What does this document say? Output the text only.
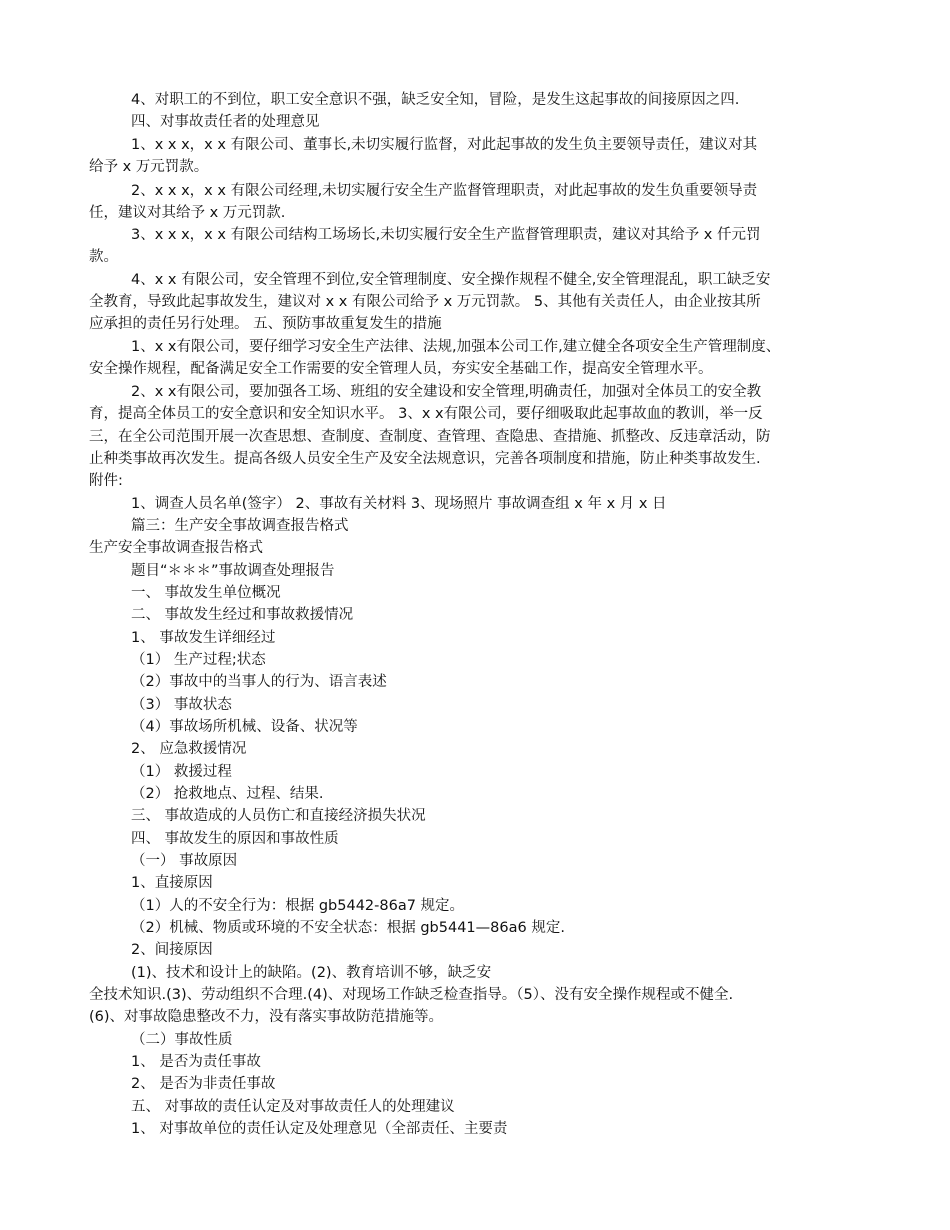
4、对职工的不到位，职工安全意识不强，缺乏安全知，冒险，是发生这起事故的间接原因之四.
四、对事故责任者的处理意见
1、x x x，x x 有限公司、董事长,未切实履行监督，对此起事故的发生负主要领导责任，建议对其
给予 x 万元罚款。
2、x x x，x x 有限公司经理,未切实履行安全生产监督管理职责，对此起事故的发生负重要领导责
任，建议对其给予 x 万元罚款.
3、x x x，x x 有限公司结构工场场长,未切实履行安全生产监督管理职责，建议对其给予 x 仟元罚
款。
4、x x 有限公司，安全管理不到位,安全管理制度、安全操作规程不健全,安全管理混乱，职工缺乏安
全教育，导致此起事故发生，建议对 x x 有限公司给予 x 万元罚款。 5、其他有关责任人，由企业按其所
应承担的责任另行处理。 五、预防事故重复发生的措施
1、x x有限公司，要仔细学习安全生产法律、法规,加强本公司工作,建立健全各项安全生产管理制度、
安全操作规程，配备满足安全工作需要的安全管理人员，夯实安全基础工作，提高安全管理水平。
2、x x有限公司，要加强各工场、班组的安全建设和安全管理,明确责任，加强对全体员工的安全教
育，提高全体员工的安全意识和安全知识水平。 3、x x有限公司，要仔细吸取此起事故血的教训，举一反
三，在全公司范围开展一次查思想、查制度、查制度、查管理、查隐患、查措施、抓整改、反违章活动，防
止种类事故再次发生。提高各级人员安全生产及安全法规意识，完善各项制度和措施，防止种类事故发生.
附件:
1、调查人员名单(签字） 2、事故有关材料 3、现场照片 事故调查组 x 年 x 月 x 日
篇三：生产安全事故调查报告格式
生产安全事故调查报告格式
题目“＊＊＊”事故调查处理报告
一、 事故发生单位概况
二、 事故发生经过和事故救援情况
1、 事故发生详细经过
（1） 生产过程;状态
（2）事故中的当事人的行为、语言表述
（3） 事故状态
（4）事故场所机械、设备、状况等
2、 应急救援情况
（1） 救援过程
（2） 抢救地点、过程、结果.
三、 事故造成的人员伤亡和直接经济损失状况
四、 事故发生的原因和事故性质
（一） 事故原因
1、直接原因
（1）人的不安全行为：根据 gb5442-86a7 规定。
（2）机械、物质或环境的不安全状态：根据 gb5441—86a6 规定.
2、间接原因
(1)、技术和设计上的缺陷。(2)、教育培训不够，缺乏安
全技术知识.(3)、劳动组织不合理.(4)、对现场工作缺乏检查指导。（5）、没有安全操作规程或不健全.
(6)、对事故隐患整改不力，没有落实事故防范措施等。
（二）事故性质
1、 是否为责任事故
2、 是否为非责任事故
五、 对事故的责任认定及对事故责任人的处理建议
1、 对事故单位的责任认定及处理意见（全部责任、主要责
